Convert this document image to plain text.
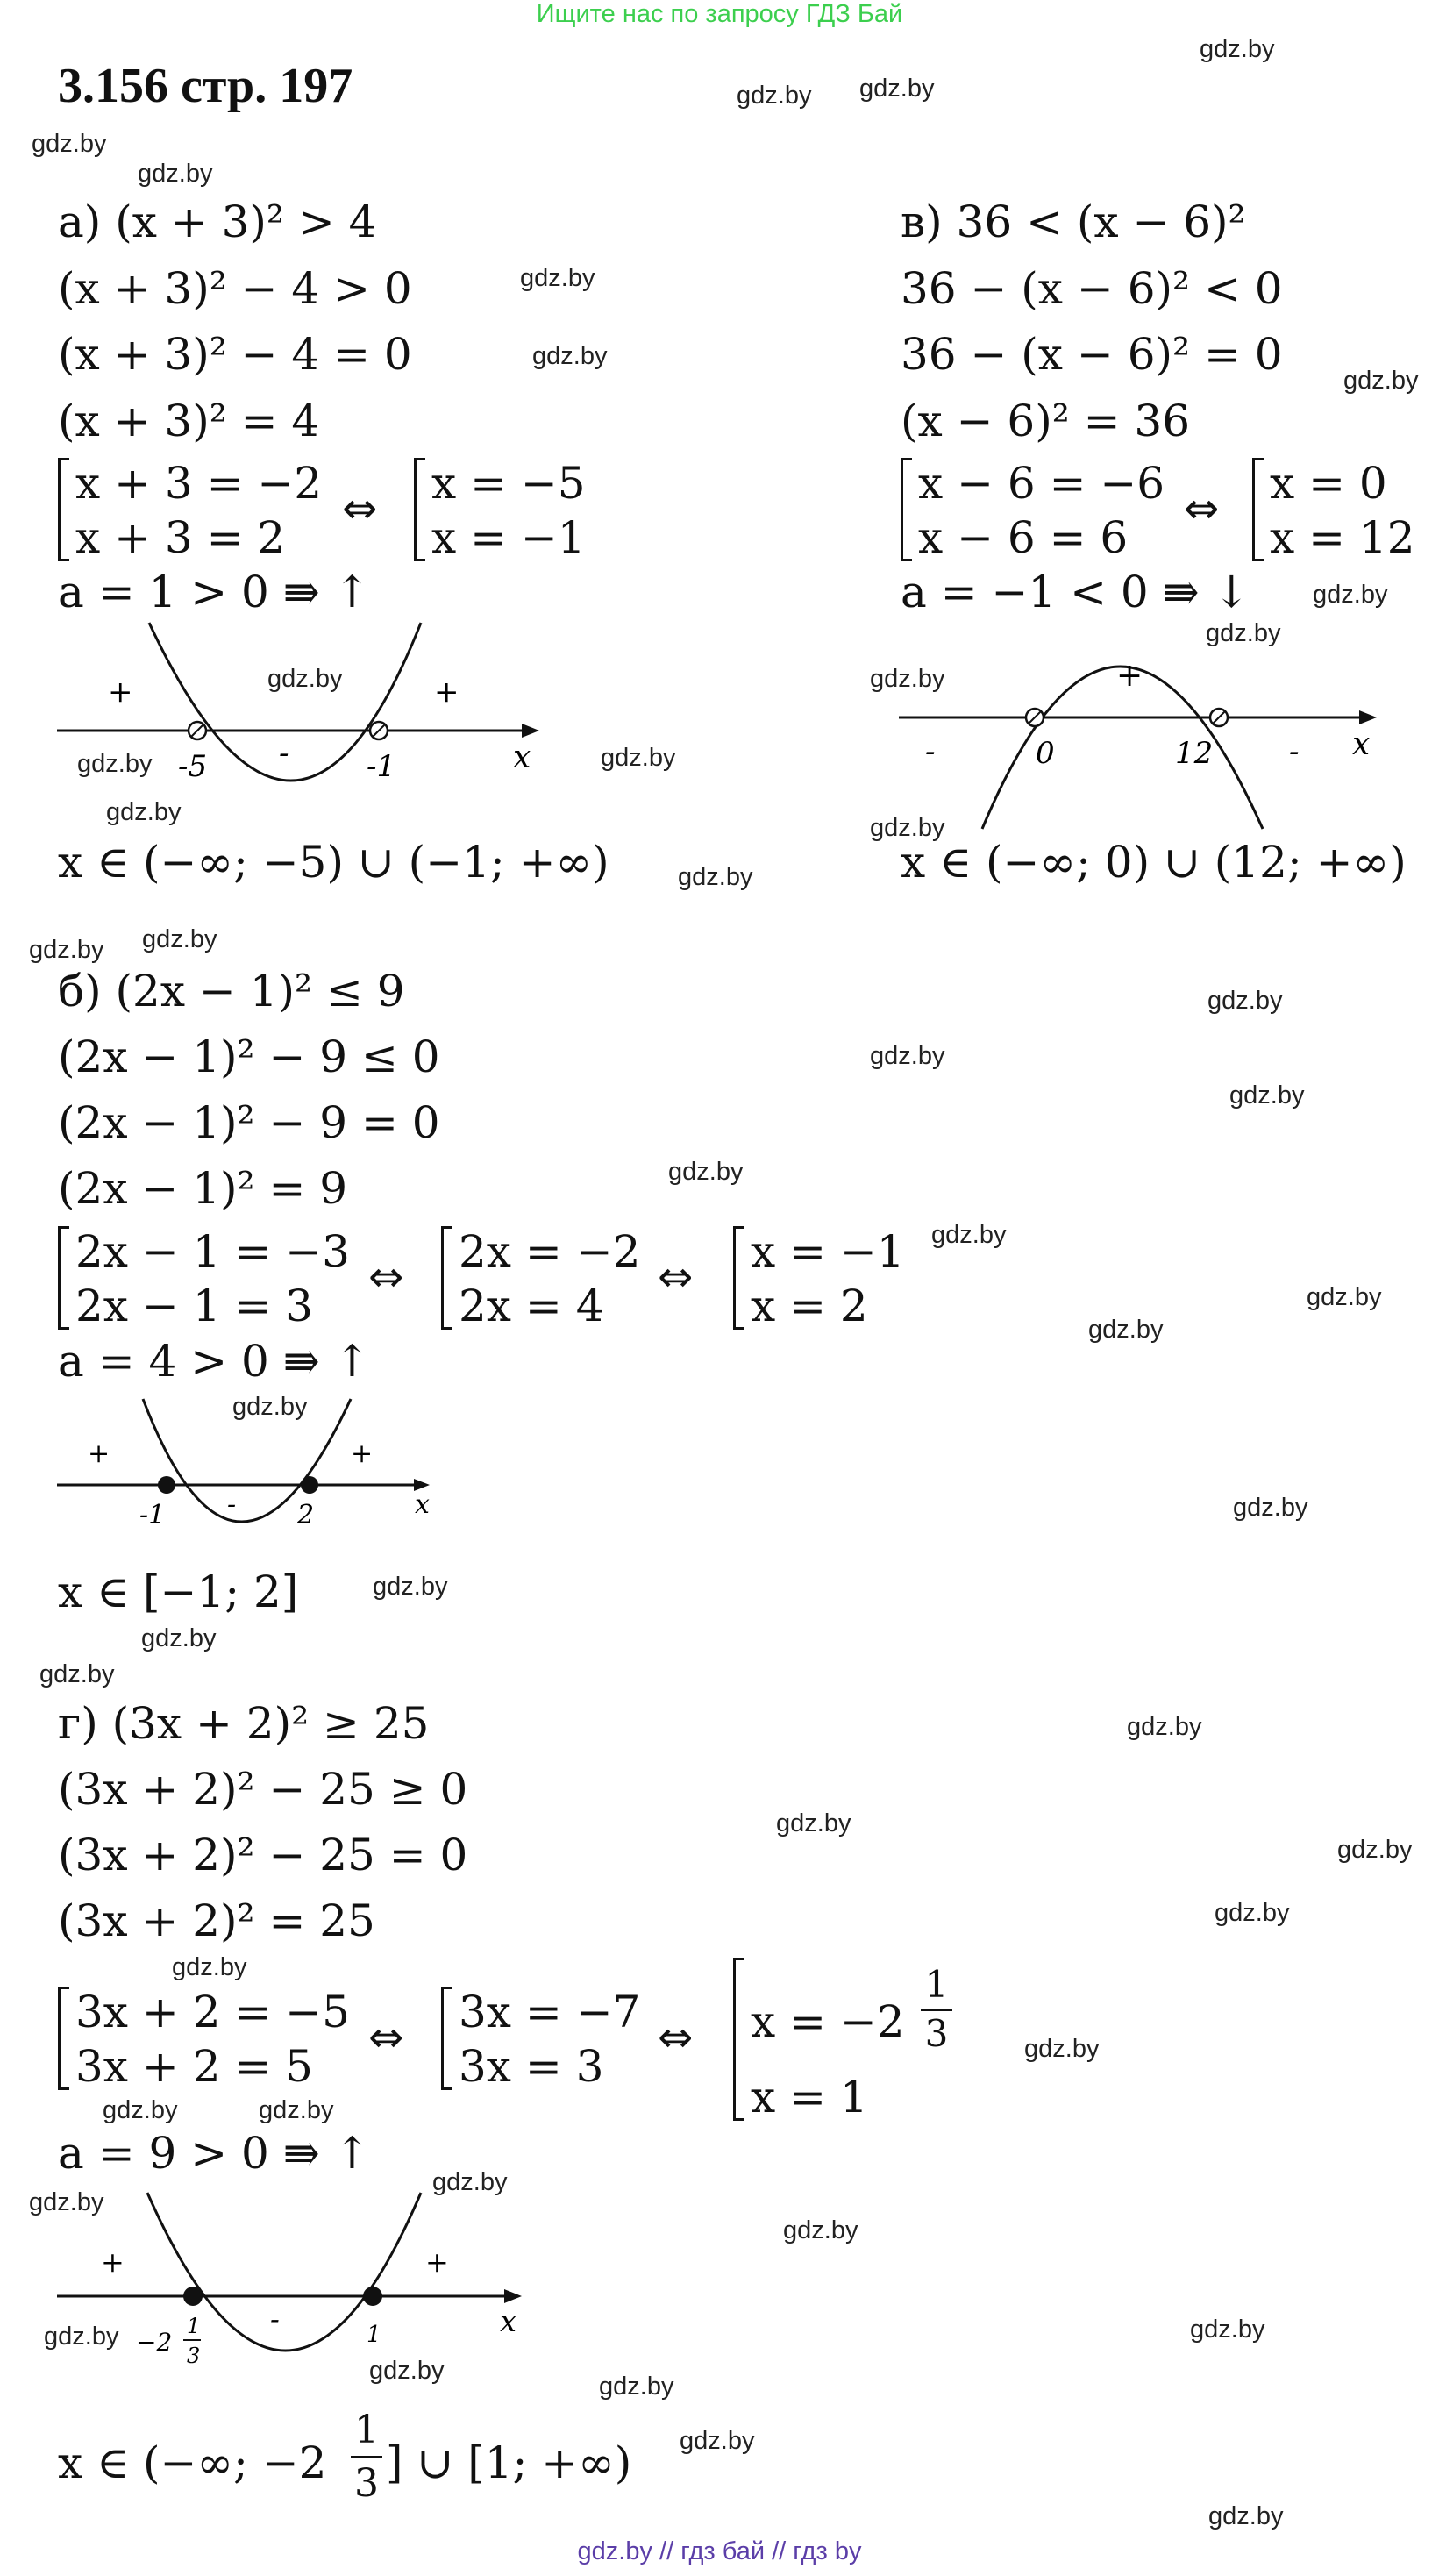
Ищите нас по запросу ГДЗ Бай
3.156 стр. 197
gdz.by
gdz.by gdz.by
gdz.by
gdz.by
gdz.by
gdz.by
gdz.by
gdz.by
gdz.by
gdz.by	gdz.by
gdz.by	gdz.by
gdz.by
gdz.by
gdz.by
gdz.by gdz.by
gdz.by
gdz.by
gdz.by
gdz.by
gdz.by
gdz.by
gdz.by
gdz.by
gdz.by
gdz.by
gdz.by
gdz.by
gdz.by
gdz.by
gdz.by
gdz.by
gdz.by
gdz.by
gdz.by	gdz.by
gdz.by
gdz.by
gdz.by
gdz.by	gdz.by
gdz.by
gdz.by
gdz.by
gdz.by
а) (x + 3)² > 4
(x + 3)² − 4 > 0
(x + 3)² − 4 = 0
(x + 3)² = 4
x + 3 = −2
x + 3 = 2
⇔ x = −5
x = −1
a = 1 > 0 ⇛ ↑
+	+
-
-5	-1	x
x ∈ (−∞; −5) ∪ (−1; +∞)
в) 36 < (x − 6)²
36 − (x − 6)² < 0
36 − (x − 6)² = 0
(x − 6)² = 36
x − 6 = −6
x − 6 = 6
⇔ x = 0
x = 12
a = −1 < 0 ⇛ ↓
+
-	-
0	12	x
x ∈ (−∞; 0) ∪ (12; +∞)
б) (2x − 1)² ≤ 9
(2x − 1)² − 9 ≤ 0
(2x − 1)² − 9 = 0
(2x − 1)² = 9
2x − 1 = −3
2x − 1 = 3
⇔ 2x = −2
2x = 4
⇔ x = −1
x = 2
a = 4 > 0 ⇛ ↑
+	+
-
-1	2	x
x ∈ [−1; 2]
г) (3x + 2)² ≥ 25
(3x + 2)² − 25 ≥ 0
(3x + 2)² − 25 = 0
(3x + 2)² = 25
3x + 2 = −5
3x + 2 = 5
⇔ 3x = −7
3x = 3
⇔ x = −2
1
3
x = 1
a = 9 > 0 ⇛ ↑
+	+
-
−2
1
3
1	x
x ∈ (−∞; −2
1
3 ] ∪ [1; +∞)
gdz.by // гдз бай // гдз by
